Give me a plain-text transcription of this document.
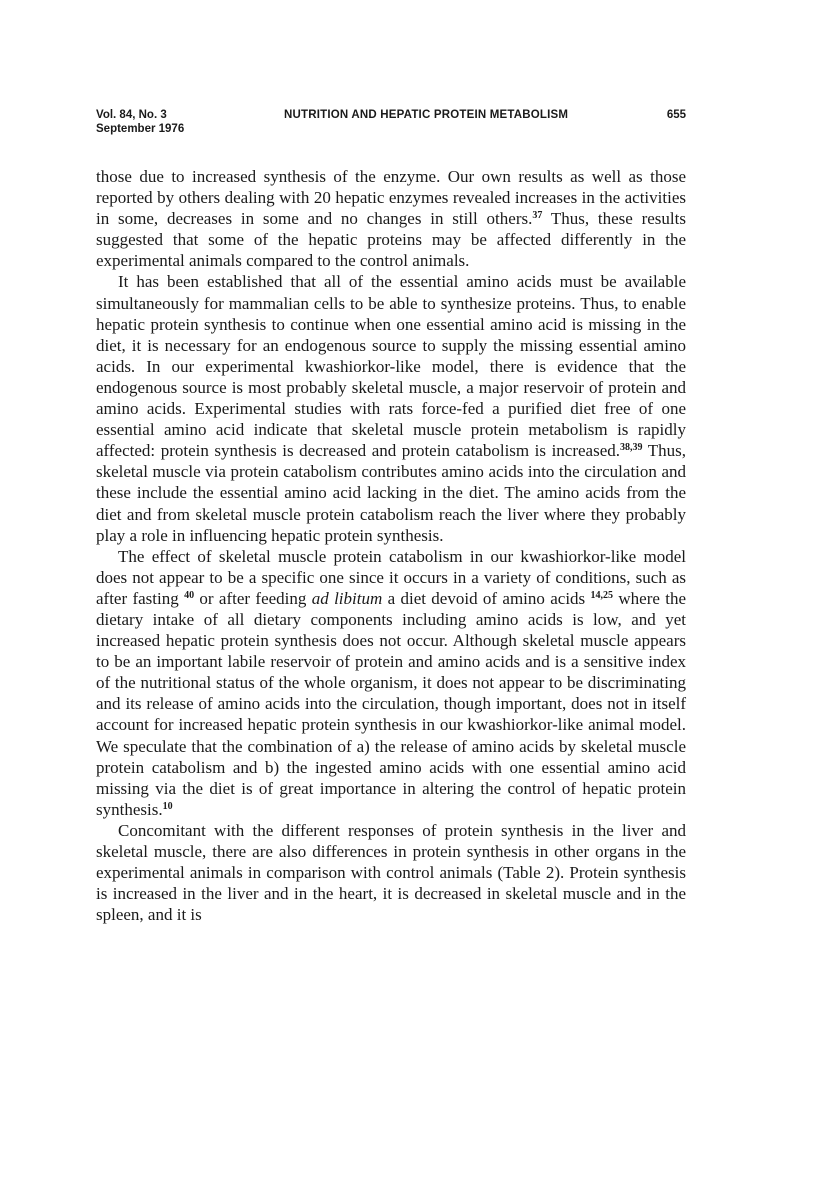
Vol. 84, No. 3
September 1976
NUTRITION AND HEPATIC PROTEIN METABOLISM	655

those due to increased synthesis of the enzyme. Our own results as well as those reported by others dealing with 20 hepatic enzymes revealed increases in the activities in some, decreases in some and no changes in still others.$^{37}$ Thus, these results suggested that some of the hepatic proteins may be affected differently in the experimental animals compared to the control animals.

It has been established that all of the essential amino acids must be available simultaneously for mammalian cells to be able to synthesize proteins. Thus, to enable hepatic protein synthesis to continue when one essential amino acid is missing in the diet, it is necessary for an endogenous source to supply the missing essential amino acids. In our experimental kwashiorkor-like model, there is evidence that the endogenous source is most probably skeletal muscle, a major reservoir of protein and amino acids. Experimental studies with rats force-fed a purified diet free of one essential amino acid indicate that skeletal muscle protein metabolism is rapidly affected: protein synthesis is decreased and protein catabolism is increased.$^{38,39}$ Thus, skeletal muscle via protein catabolism contributes amino acids into the circulation and these include the essential amino acid lacking in the diet. The amino acids from the diet and from skeletal muscle protein catabolism reach the liver where they probably play a role in influencing hepatic protein synthesis.

The effect of skeletal muscle protein catabolism in our kwashiorkor-like model does not appear to be a specific one since it occurs in a variety of conditions, such as after fasting $^{40}$ or after feeding ad libitum a diet devoid of amino acids $^{14,25}$ where the dietary intake of all dietary components including amino acids is low, and yet increased hepatic protein synthesis does not occur. Although skeletal muscle appears to be an important labile reservoir of protein and amino acids and is a sensitive index of the nutritional status of the whole organism, it does not appear to be discriminating and its release of amino acids into the circulation, though important, does not in itself account for increased hepatic protein synthesis in our kwashiorkor-like animal model. We speculate that the combination of a) the release of amino acids by skeletal muscle protein catabolism and b) the ingested amino acids with one essential amino acid missing via the diet is of great importance in altering the control of hepatic protein synthesis.$^{10}$

Concomitant with the different responses of protein synthesis in the liver and skeletal muscle, there are also differences in protein synthesis in other organs in the experimental animals in comparison with control animals (Table 2). Protein synthesis is increased in the liver and in the heart, it is decreased in skeletal muscle and in the spleen, and it is
